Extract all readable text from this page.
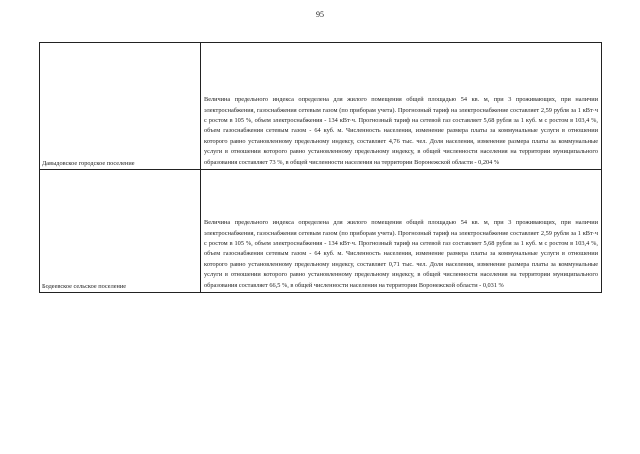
95
Давыдовское городское поселение	Величина предельного индекса определена для жилого помещения общей площадью 54 кв. м, при 3 проживающих, при наличии электроснабжения, газоснабжения сетевым газом (по приборам учета). Прогнозный тариф на электроснабжение составляет 2,59 рубля за 1 кВт·ч с ростом в 105 %, объем электроснабжения - 134 кВт·ч. Прогнозный тариф на сетевой газ составляет 5,68 рубля за 1 куб. м с ростом в 103,4 %, объем газоснабжения сетевым газом - 64 куб. м. Численность населения, изменение размера платы за коммунальные услуги в отношении которого равно установленному предельному индексу, составляет 4,76 тыс. чел. Доля населения, изменение размера платы за коммунальные услуги в отношении которого равно установленному предельному индексу, в общей численности населения на территории муниципального образования составляет 73 %, в общей численности населения на территории Воронежской области - 0,204 %

Бодеевское сельское поселение	Величина предельного индекса определена для жилого помещения общей площадью 54 кв. м, при 3 проживающих, при наличии электроснабжения, газоснабжения сетевым газом (по приборам учета). Прогнозный тариф на электроснабжение составляет 2,59 рубля за 1 кВт·ч с ростом в 105 %, объем электроснабжения - 134 кВт·ч. Прогнозный тариф на сетевой газ составляет 5,68 рубля за 1 куб. м с ростом в 103,4 %, объем газоснабжения сетевым газом - 64 куб. м. Численность населения, изменение размера платы за коммунальные услуги в отношении которого равно установленному предельному индексу, составляет 0,71 тыс. чел. Доля населения, изменение размера платы за коммунальные услуги в отношении которого равно установленному предельному индексу, в общей численности населения на территории муниципального образования составляет 66,5 %, в общей численности населения на территории Воронежской области - 0,031 %
